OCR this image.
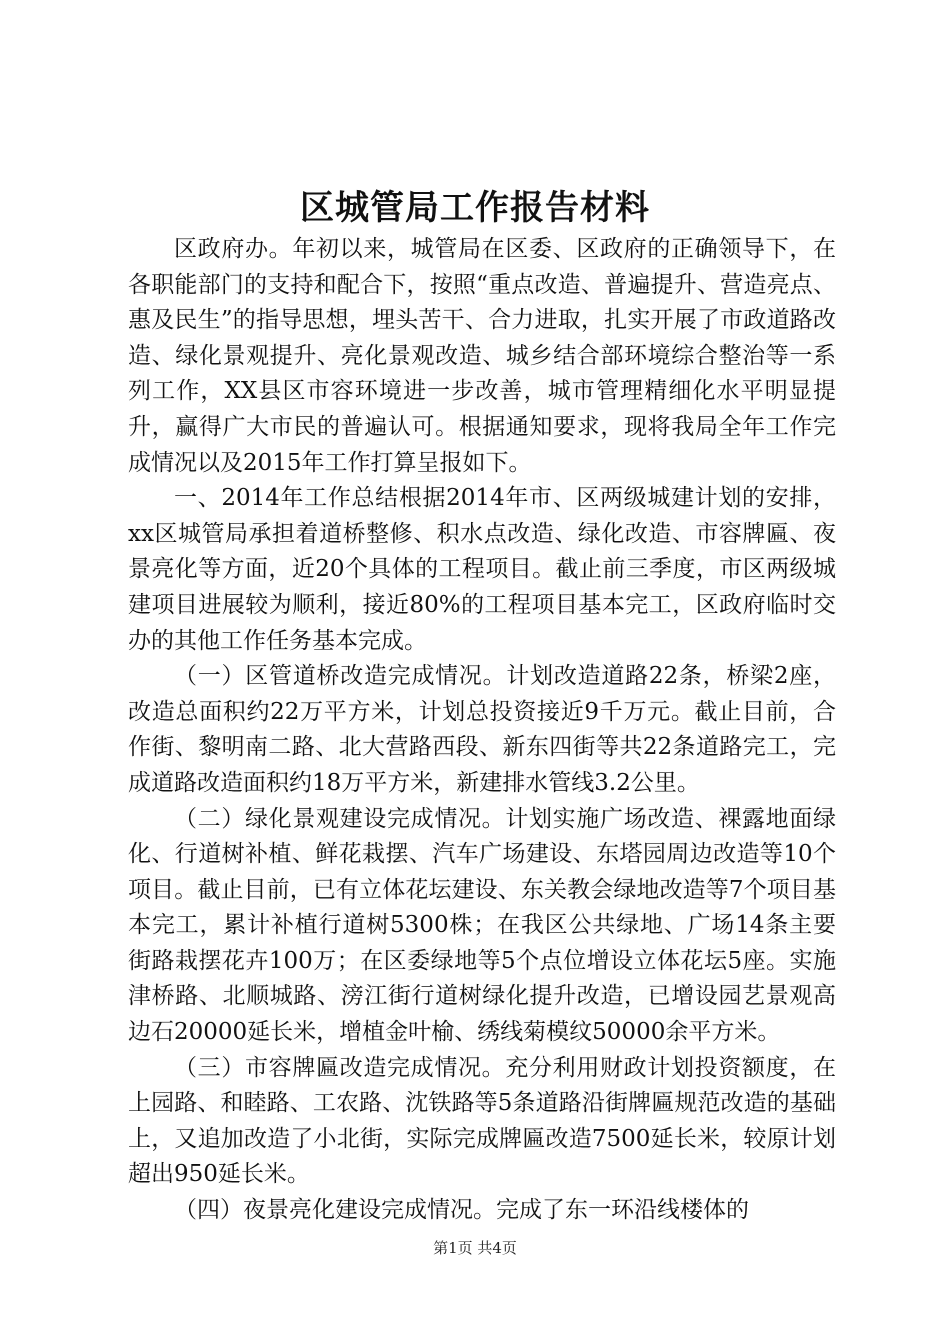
区城管局工作报告材料

区政府办。年初以来，城管局在区委、区政府的正确领导下，在各职能部门的支持和配合下，按照“重点改造、普遍提升、营造亮点、惠及民生”的指导思想，埋头苦干、合力进取，扎实开展了市政道路改造、绿化景观提升、亮化景观改造、城乡结合部环境综合整治等一系列工作，XX县区市容环境进一步改善，城市管理精细化水平明显提升，赢得广大市民的普遍认可。根据通知要求，现将我局全年工作完成情况以及2015年工作打算呈报如下。

一、2014年工作总结根据2014年市、区两级城建计划的安排，xx区城管局承担着道桥整修、积水点改造、绿化改造、市容牌匾、夜景亮化等方面，近20个具体的工程项目。截止前三季度，市区两级城建项目进展较为顺利，接近80%的工程项目基本完工，区政府临时交办的其他工作任务基本完成。

（一）区管道桥改造完成情况。计划改造道路22条，桥梁2座，改造总面积约22万平方米，计划总投资接近9千万元。截止目前，合作街、黎明南二路、北大营路西段、新东四街等共22条道路完工，完成道路改造面积约18万平方米，新建排水管线3.2公里。

（二）绿化景观建设完成情况。计划实施广场改造、裸露地面绿化、行道树补植、鲜花栽摆、汽车广场建设、东塔园周边改造等10个项目。截止目前，已有立体花坛建设、东关教会绿地改造等7个项目基本完工，累计补植行道树5300株；在我区公共绿地、广场14条主要街路栽摆花卉100万；在区委绿地等5个点位增设立体花坛5座。实施津桥路、北顺城路、滂江街行道树绿化提升改造，已增设园艺景观高边石20000延长米，增植金叶榆、绣线菊模纹50000余平方米。

（三）市容牌匾改造完成情况。充分利用财政计划投资额度，在上园路、和睦路、工农路、沈铁路等5条道路沿街牌匾规范改造的基础上，又追加改造了小北街，实际完成牌匾改造7500延长米，较原计划超出950延长米。

（四）夜景亮化建设完成情况。完成了东一环沿线楼体的

第1页 共4页
